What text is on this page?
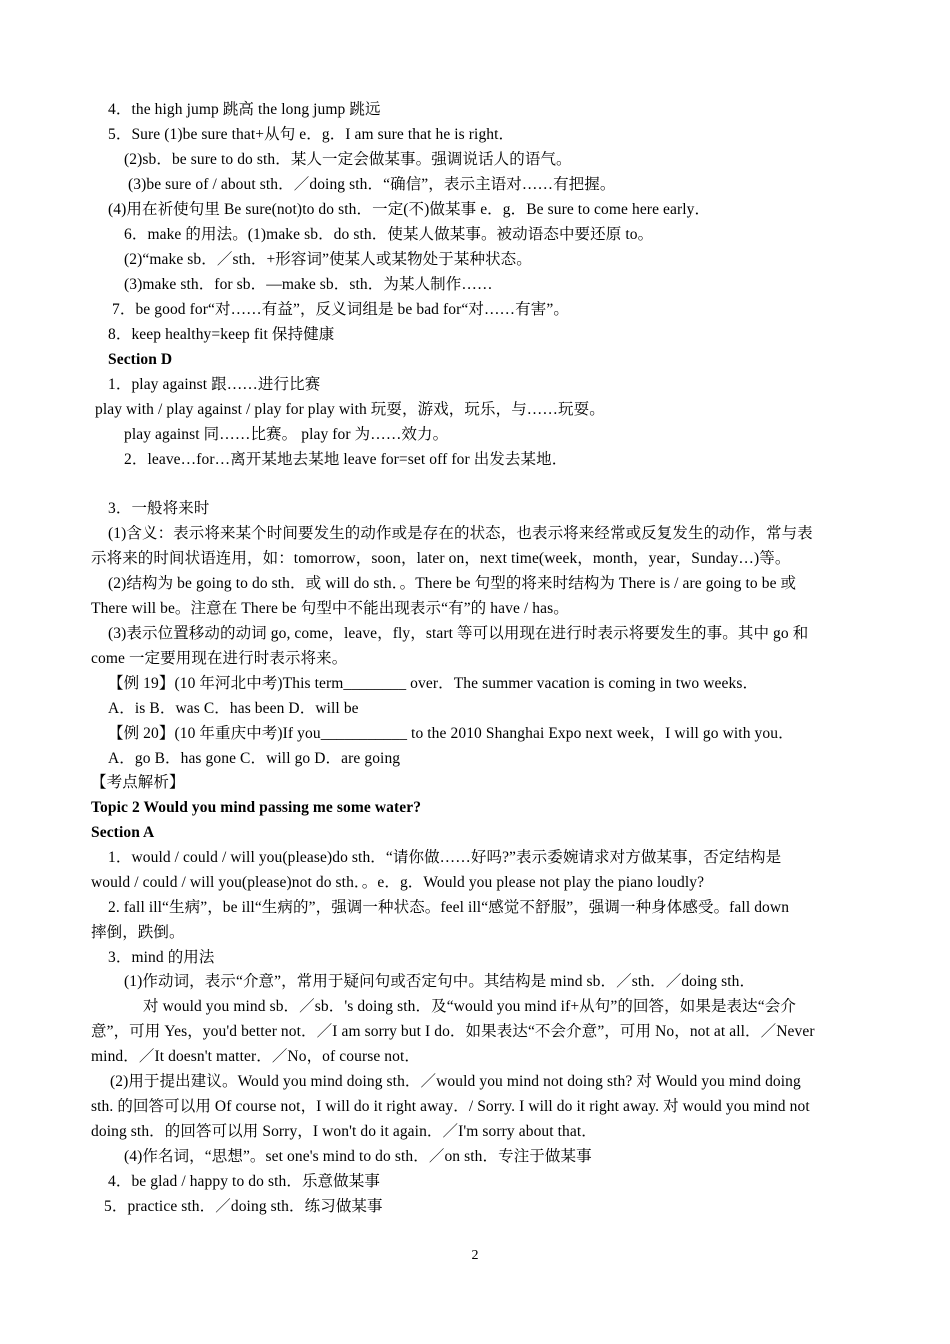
4．the high jump 跳高 the long jump 跳远
5．Sure (1)be sure that+从句 e．g．I am sure that he is right．
(2)sb．be sure to do sth．某人一定会做某事。强调说话人的语气。
(3)be sure of / about sth．／doing sth．“确信”，表示主语对……有把握。
(4)用在祈使句里 Be sure(not)to do sth．一定(不)做某事 e．g．Be sure to come here early．
6．make 的用法。(1)make sb．do sth．使某人做某事。被动语态中要还原 to。
(2)“make sb．／sth．+形容词”使某人或某物处于某种状态。
(3)make sth．for sb．—make sb．sth．为某人制作……
7．be good for“对……有益”，反义词组是 be bad for“对……有害”。
8．keep healthy=keep fit 保持健康
Section D
1．play against 跟……进行比赛
play with / play against / play for play with 玩耍，游戏，玩乐，与……玩耍。
play against 同……比赛。 play for 为……效力。
2．leave…for…离开某地去某地 leave for=set off for 出发去某地．
3．一般将来时
(1)含义：表示将来某个时间要发生的动作或是存在的状态，也表示将来经常或反复发生的动作，常与表
示将来的时间状语连用，如：tomorrow，soon，later on，next time(week，month，year，Sunday…)等。
(2)结构为 be going to do sth．或 will do sth．。There be 句型的将来时结构为 There is / are going to be 或
There will be。注意在 There be 句型中不能出现表示“有”的 have / has。
(3)表示位置移动的动词 go, come，leave，fly，start 等可以用现在进行时表示将要发生的事。其中 go 和
come 一定要用现在进行时表示将来。
【例 19】(10 年河北中考)This term________ over．The summer vacation is coming in two weeks．
A．is B．was C．has been D．will be
【例 20】(10 年重庆中考)If you___________ to the 2010 Shanghai Expo next week，I will go with you．
A．go B．has gone C．will go D．are going
【考点解析】
Topic 2 Would you mind passing me some water?
Section A
1．would / could / will you(please)do sth．“请你做……好吗?”表示委婉请求对方做某事，否定结构是
would / could / will you(please)not do sth．。e．g．Would you please not play the piano loudly?
2. fall ill“生病”，be ill“生病的”，强调一种状态。feel ill“感觉不舒服”，强调一种身体感受。fall down
摔倒，跌倒。
3．mind 的用法
(1)作动词，表示“介意”，常用于疑问句或否定句中。其结构是 mind sb．／sth．／doing sth．
对 would you mind sb．／sb．'s doing sth．及“would you mind if+从句”的回答，如果是表达“会介
意”，可用 Yes，you'd better not．／I am sorry but I do．如果表达“不会介意”，可用 No，not at all．／Never
mind．／It doesn't matter．／No，of course not．
(2)用于提出建议。Would you mind doing sth．／would you mind not doing sth? 对 Would you mind doing
sth. 的回答可以用 Of course not，I will do it right away．/ Sorry. I will do it right away. 对 would you mind not
doing sth．的回答可以用 Sorry，I won't do it again．／I'm sorry about that．
(4)作名词，“思想”。set one's mind to do sth．／on sth．专注于做某事
4．be glad / happy to do sth．乐意做某事
5．practice sth．／doing sth．练习做某事
2
